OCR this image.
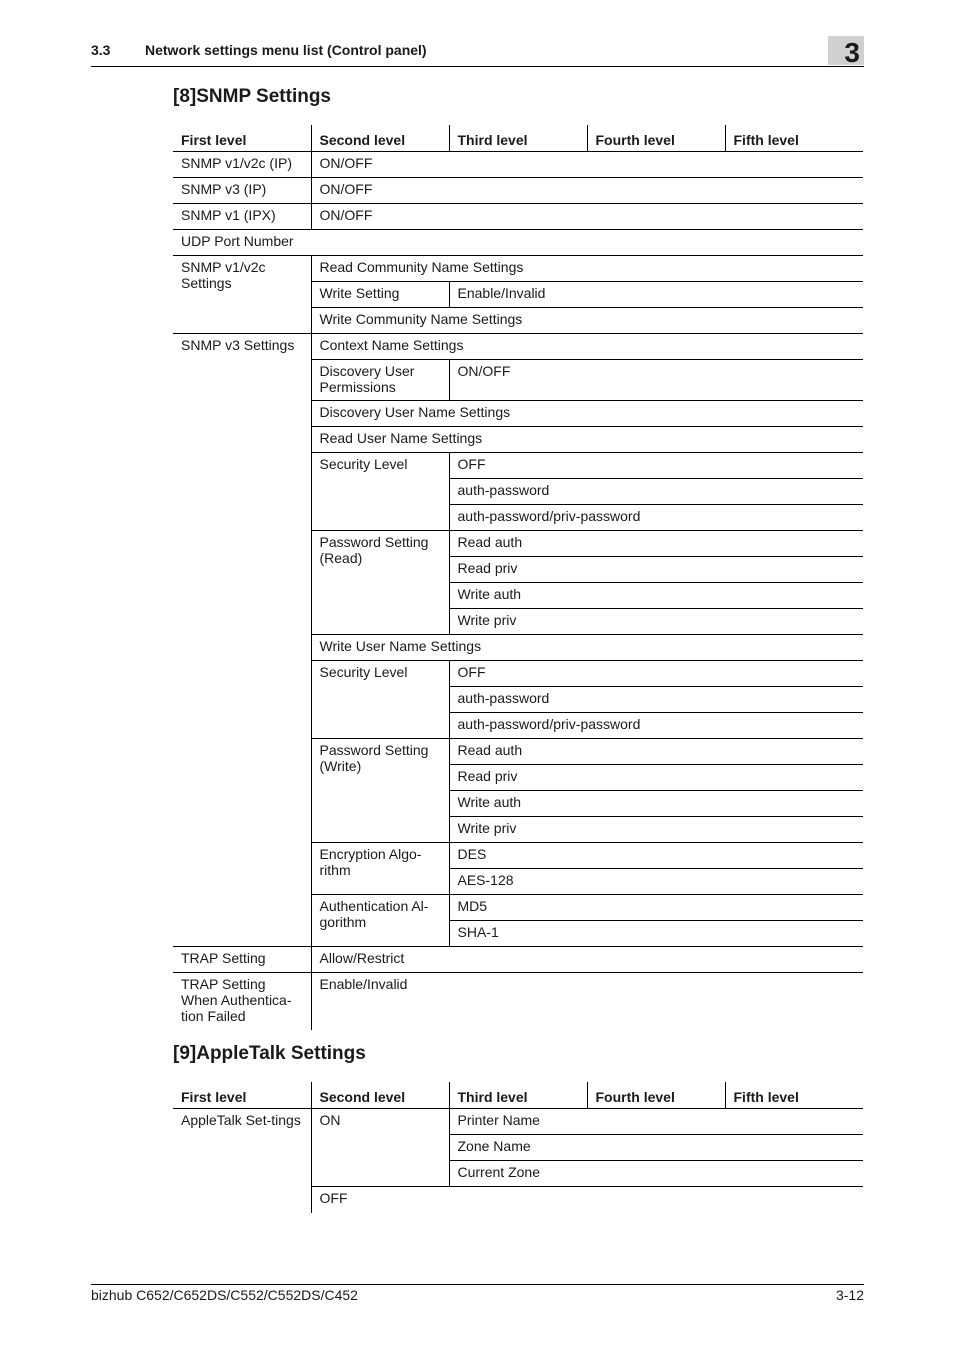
3.3 Network settings menu list (Control panel)	3
[8]SNMP Settings
First level	Second level	Third level	Fourth level	Fifth level
SNMP v1/v2c (IP)	ON/OFF			
SNMP v3 (IP)	ON/OFF			
SNMP v1 (IPX)	ON/OFF			
UDP Port Number				
SNMP v1/v2c Settings	Read Community Name Settings			
	Write Setting	Enable/Invalid		
	Write Community Name Settings			
SNMP v3 Settings	Context Name Settings			
	Discovery User Permissions	ON/OFF		
	Discovery User Name Settings			
	Read User Name Settings			
	Security Level	OFF		
		auth-password		
		auth-password/priv-password		
	Password Setting (Read)	Read auth		
		Read priv		
		Write auth		
		Write priv		
	Write User Name Settings			
	Security Level	OFF		
		auth-password		
		auth-password/priv-password		
	Password Setting (Write)	Read auth		
		Read priv		
		Write auth		
		Write priv		
	Encryption Algo-rithm	DES		
		AES-128		
	Authentication Al-gorithm	MD5		
		SHA-1		
TRAP Setting	Allow/Restrict			
TRAP Setting When Authentica-tion Failed	Enable/Invalid			
[9]AppleTalk Settings
First level	Second level	Third level	Fourth level	Fifth level
AppleTalk Set-tings	ON	Printer Name		
		Zone Name		
		Current Zone		
	OFF			
bizhub C652/C652DS/C552/C552DS/C452	3-12
